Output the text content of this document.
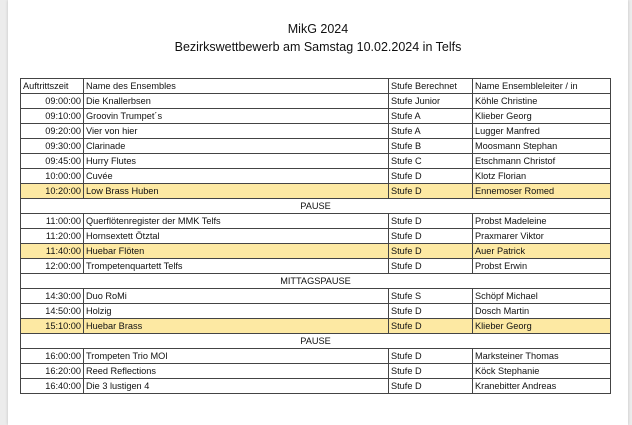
MikG 2024
Bezirkswettbewerb am Samstag 10.02.2024 in Telfs
Auftrittszeit	Name des Ensembles	Stufe Berechnet	Name Ensembleleiter / in
09:00:00	Die Knallerbsen	Stufe Junior	Köhle Christine
09:10:00	Groovin Trumpet´s	Stufe A	Klieber Georg
09:20:00	Vier von hier	Stufe A	Lugger Manfred
09:30:00	Clarinade	Stufe B	Moosmann Stephan
09:45:00	Hurry Flutes	Stufe C	Etschmann Christof
10:00:00	Cuvée	Stufe D	Klotz Florian
10:20:00	Low Brass Huben	Stufe D	Ennemoser Romed
PAUSE			
11:00:00	Querflötenregister der MMK Telfs	Stufe D	Probst Madeleine
11:20:00	Hornsextett Ötztal	Stufe D	Praxmarer Viktor
11:40:00	Huebar Flöten	Stufe D	Auer Patrick
12:00:00	Trompetenquartett Telfs	Stufe D	Probst Erwin
MITTAGSPAUSE			
14:30:00	Duo RoMi	Stufe S	Schöpf Michael
14:50:00	Holzig	Stufe D	Dosch Martin
15:10:00	Huebar Brass	Stufe D	Klieber Georg
PAUSE			
16:00:00	Trompeten Trio MOI	Stufe D	Marksteiner Thomas
16:20:00	Reed Reflections	Stufe D	Köck Stephanie
16:40:00	Die 3 lustigen 4	Stufe D	Kranebitter Andreas
